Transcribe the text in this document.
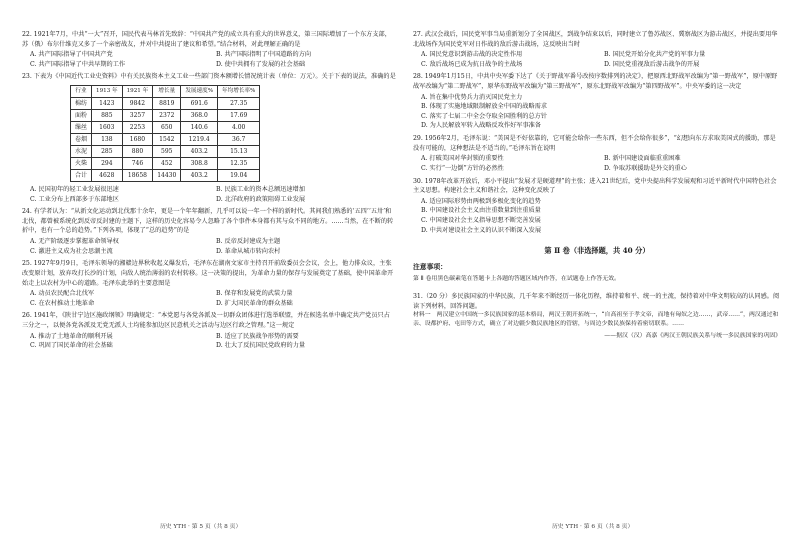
22. 1921年7月，中共“一大”召开，国民代表马林首先致辞：“中国共产党的成立具有重大的世界意义，第三国际增加了一个东方支部，苏（俄）布尔什维克又多了一个亲密战友，并对中共提出了建议和希望。”结合材料，对此理解正确的是

A. 共产国际指导了中国共产党	B. 共产国际指明了中国道路的方向
C. 共产国际指导了中共早期的工作	D. 使中共拥有了发展的社会基础

23. 下表为《中国近代工业史资料》中有关民族资本主义工业一些部门资本额增长情况统计表（单位：万元）。关于下表的说法，准确的是

行业	1913 年	1921 年	增长量	发展速度%	年均增长率%
棉纺	1423	9842	8819	691.6	27.35
面粉	885	3257	2372	368.0	17.69
缫丝	1603	2253	650	140.6	4.00
卷烟	138	1680	1542	1219.4	36.7
水泥	285	880	595	403.2	15.13
火柴	294	746	452	308.8	12.35
合计	4628	18658	14430	403.2	19.04
A. 民国初年的轻工业发展很迅速	B. 民族工业的资本总额迅速增加
C. 工业分布上西部多于东部地区	D. 北洋政府的政策阻碍工业发展

24. 有学者认为：“从新文化运动到北伐那十余年，更是一个年年翻新，几乎可以说一年一个样的新时代。其间我们熟悉的‘五四’‘五卅’和北伐，都曾被系统化到反帝反封建的主题下，这样的历史化容易令人忽略了各个事件本身都有其与众不同的地方。……当然，在不断的转折中，也有一个总的趋势。”下列各项，体现了“总的趋势”的是

A. 无产阶级逐步掌握革命领导权	B. 反帝反封建成为主题
C. 激进主义成为社会思潮主流	D. 革命从城市转向农村

25. 1927年9月9日，毛泽东领导的湘赣边界秋收起义爆发后，毛泽东在湖南文家市主持召开前敌委员会会议，会上，他力排众议，主张改变原计划，放弃攻打长沙的计划，向敌人统治薄弱的农村转移。这一决策的提出，为革命力量的保存与发展奠定了基础，使中国革命开始走上以农村为中心的道路。毛泽东此举的主要意图是

A. 动员农民配合北伐军	B. 保存和发展党的武装力量
C. 在农村推动土地革命	D. 扩大国民革命的群众基础

26. 1941年，《陕甘宁边区施政纲领》明确规定：“本党愿与各党各派及一切群众团体进行选举联盟，并在候选名单中确定共产党员只占三分之一，以便各党各派及无党无派人士均能参加边区民意机关之活动与边区行政之管理。”这一规定

A. 推动了土地革命的顺利开展	B. 适应了民族战争形势的需要
C. 巩固了国民革命的社会基础	D. 壮大了反抗国民党政府的力量
历史 YTH · 第 5 页（共 8 页）

27. 武汉会战后，国民党军事当局重新划分了全国战区，到战争结束以后，同时建立了鲁苏战区、冀察战区为游击战区，并提出要用华北战场作为国民党军对日作战的敌后游击战场，这反映出当时

A. 国民党意识到游击战的决定性作用	B. 国民党开始分化共产党的军事力量
C. 敌后战场已成为抗日战争的主战场	D. 国民党重视敌后游击战争的开展

28. 1949年1月15日，中共中央军委下达了《关于野战军番号改按序数排列的决定》，把原西北野战军改编为“第一野战军”，原中原野战军改编为“第二野战军”，原华东野战军改编为“第三野战军”，原东北野战军改编为“第四野战军”。中央军委的这一决定

A. 旨在集中优势兵力消灭国民党主力
B. 体现了实施地域限制解放全中国的战略需求
C. 落实了七届二中全会夺取全国胜利的总方针
D. 为人民解放军转入战略反攻作好军事准备

29. 1956年2月，毛泽东说：“美国是不好依靠的，它可能会给你一些东西，但不会给你很多”，“幻想向东方求取美国式的援助，那是没有可能的，这种想法是不适当的。”毛泽东旨在说明

A. 打破美国对华封锁的重要性	B. 新中国建设面临重重困难
C. 实行“一边倒”方针的必然性	D. 争取苏联援助是外交的重心

30. 1978年改革开放后，邓小平提出“发展才是硬道理”的主张；进入21世纪后，党中央提出科学发展观和习近平新时代中国特色社会主义思想。构建社会主义和谐社会，这种变化反映了

A. 适应国际形势由两极到多极化变化的趋势
B. 中国建设社会主义由注重数量到注重质量
C. 中国建设社会主义指导思想不断完善发展
D. 中共对建设社会主义的认识不断深入发展
第 Ⅱ 卷（非选择题，共 40 分）
注意事项：
第 Ⅱ 卷用黑色碳素笔在答题卡上各题的答题区域内作答，在试题卷上作答无效。

31.（20 分）多民族国家的中华民族，几千年来不断经历一体化历程，维持着和平、统一的主流，保持着对中华文明较高的认同感。阅读下列材料，回答问题。

材料一　两汉建立中国统一多民族国家的基本格局，两汉王朝开拓统一，“自高祖至于孝文帝，而地有匈奴之边……，武帝……”，两汉通过和亲、设都护府、屯田等方式，确立了对边疆少数民族地区的管辖，与周边少数民族保持着密切联系。……

——据汉（汉）高嘉《两汉王朝民族关系与统一多民族国家的巩固》
历史 YTH · 第 6 页（共 8 页）
